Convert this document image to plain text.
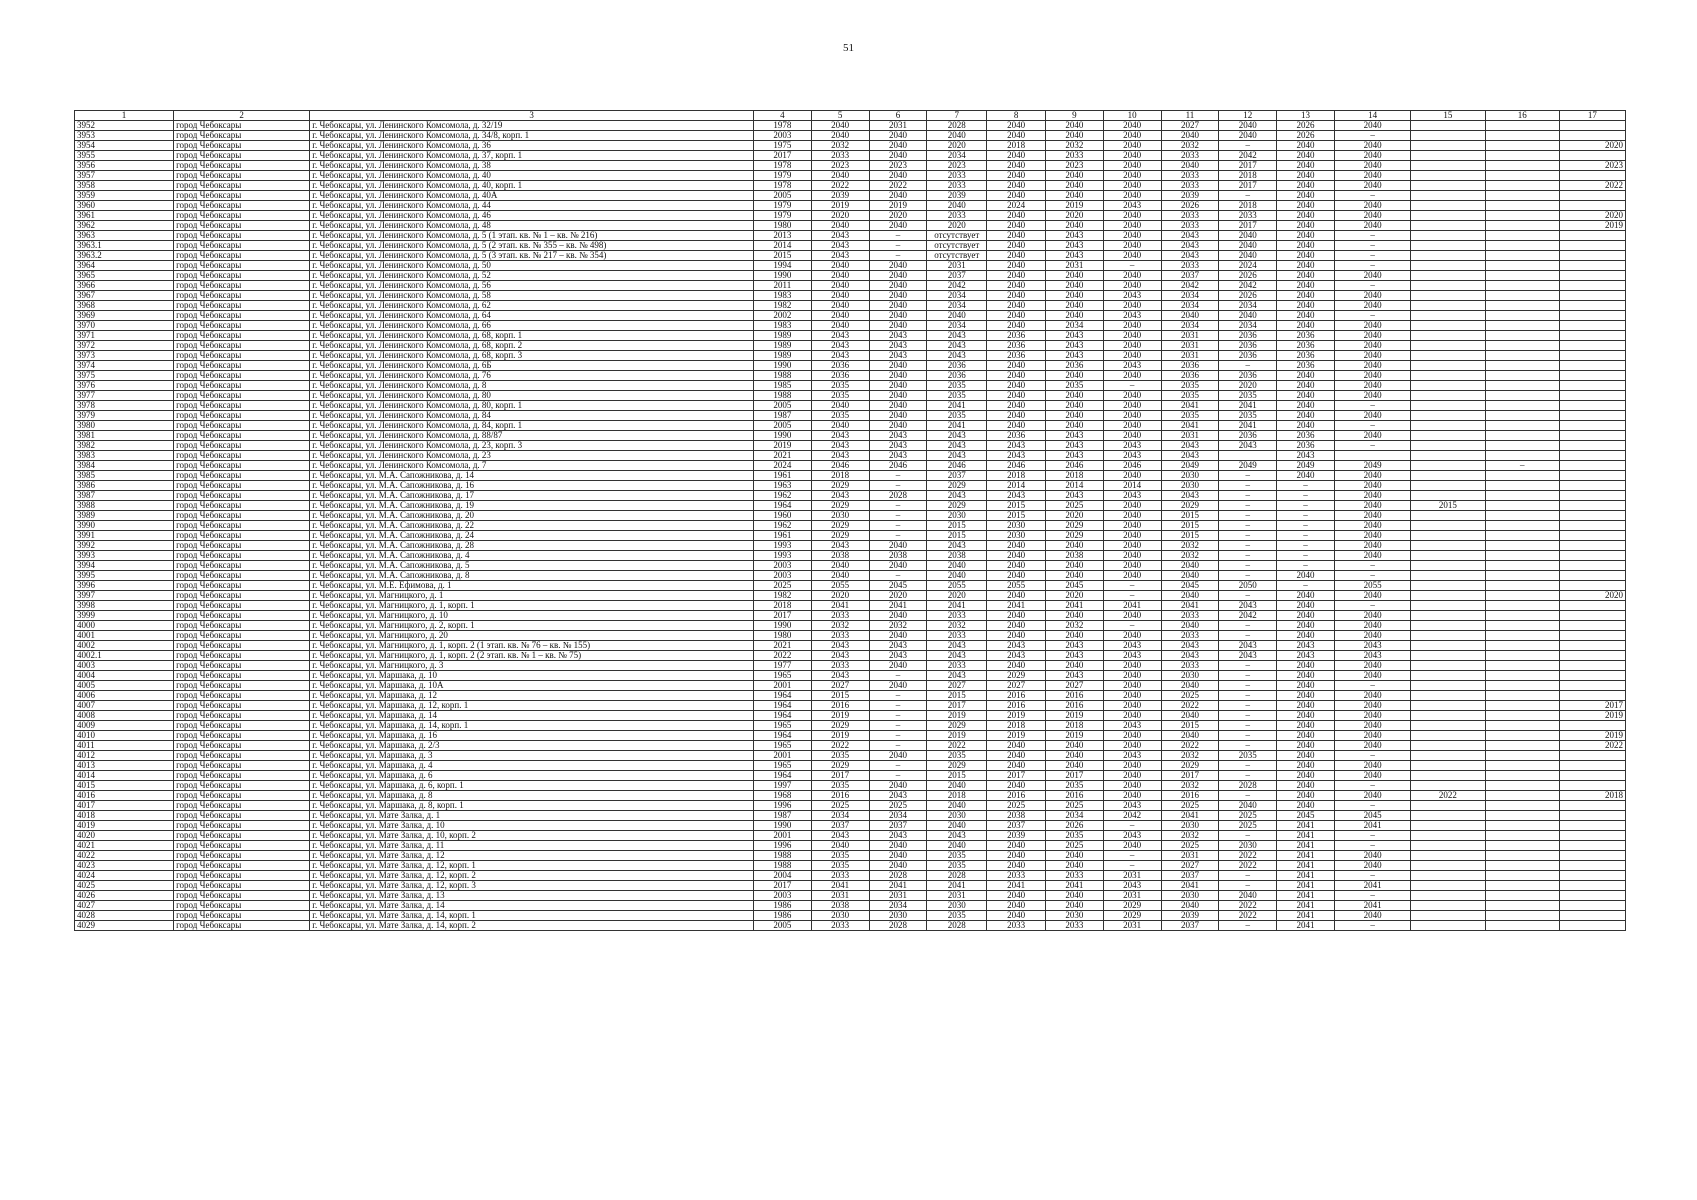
51
1	2	3	4	5	6	7	8	9	10	11	12	13	14	15	16	17
3952	город Чебоксары	г. Чебоксары, ул. Ленинского Комсомола, д. 32/19	1978	2040	2031	2028	2040	2040	2040	2027	2040	2026	2040			
3953	город Чебоксары	г. Чебоксары, ул. Ленинского Комсомола, д. 34/8, корп. 1	2003	2040	2040	2040	2040	2040	2040	2040	2040	2026	–			
3954	город Чебоксары	г. Чебоксары, ул. Ленинского Комсомола, д. 36	1975	2032	2040	2020	2018	2032	2040	2032	–	2040	2040			2020
3955	город Чебоксары	г. Чебоксары, ул. Ленинского Комсомола, д. 37, корп. 1	2017	2033	2040	2034	2040	2033	2040	2033	2042	2040	2040			
3956	город Чебоксары	г. Чебоксары, ул. Ленинского Комсомола, д. 38	1978	2023	2023	2023	2040	2023	2040	2040	2017	2040	2040			2023
3957	город Чебоксары	г. Чебоксары, ул. Ленинского Комсомола, д. 40	1979	2040	2040	2033	2040	2040	2040	2033	2018	2040	2040			
3958	город Чебоксары	г. Чебоксары, ул. Ленинского Комсомола, д. 40, корп. 1	1978	2022	2022	2033	2040	2040	2040	2033	2017	2040	2040			2022
3959	город Чебоксары	г. Чебоксары, ул. Ленинского Комсомола, д. 40А	2005	2039	2040	2039	2040	2040	2040	2039	–	2040	–			
3960	город Чебоксары	г. Чебоксары, ул. Ленинского Комсомола, д. 44	1979	2019	2019	2040	2024	2019	2043	2026	2018	2040	2040			
3961	город Чебоксары	г. Чебоксары, ул. Ленинского Комсомола, д. 46	1979	2020	2020	2033	2040	2020	2040	2033	2033	2040	2040			2020
3962	город Чебоксары	г. Чебоксары, ул. Ленинского Комсомола, д. 48	1980	2040	2040	2020	2040	2040	2040	2033	2017	2040	2040			2019
3963	город Чебоксары	г. Чебоксары, ул. Ленинского Комсомола, д. 5 (1 этап. кв. № 1 – кв. № 216)	2013	2043	–	отсутствует	2040	2043	2040	2043	2040	2040	–			
3963.1	город Чебоксары	г. Чебоксары, ул. Ленинского Комсомола, д. 5 (2 этап. кв. № 355 – кв. № 498)	2014	2043	–	отсутствует	2040	2043	2040	2043	2040	2040	–			
3963.2	город Чебоксары	г. Чебоксары, ул. Ленинского Комсомола, д. 5 (3 этап. кв. № 217 – кв. № 354)	2015	2043	–	отсутствует	2040	2043	2040	2043	2040	2040	–			
3964	город Чебоксары	г. Чебоксары, ул. Ленинского Комсомола, д. 50	1994	2040	2040	2031	2040	2031	–	2033	2024	2040	–			
3965	город Чебоксары	г. Чебоксары, ул. Ленинского Комсомола, д. 52	1990	2040	2040	2037	2040	2040	2040	2037	2026	2040	2040			
3966	город Чебоксары	г. Чебоксары, ул. Ленинского Комсомола, д. 56	2011	2040	2040	2042	2040	2040	2040	2042	2042	2040	–			
3967	город Чебоксары	г. Чебоксары, ул. Ленинского Комсомола, д. 58	1983	2040	2040	2034	2040	2040	2043	2034	2026	2040	2040			
3968	город Чебоксары	г. Чебоксары, ул. Ленинского Комсомола, д. 62	1982	2040	2040	2034	2040	2040	2040	2034	2034	2040	2040			
3969	город Чебоксары	г. Чебоксары, ул. Ленинского Комсомола, д. 64	2002	2040	2040	2040	2040	2040	2043	2040	2040	2040	–			
3970	город Чебоксары	г. Чебоксары, ул. Ленинского Комсомола, д. 66	1983	2040	2040	2034	2040	2034	2040	2034	2034	2040	2040			
3971	город Чебоксары	г. Чебоксары, ул. Ленинского Комсомола, д. 68, корп. 1	1989	2043	2043	2043	2036	2043	2040	2031	2036	2036	2040			
3972	город Чебоксары	г. Чебоксары, ул. Ленинского Комсомола, д. 68, корп. 2	1989	2043	2043	2043	2036	2043	2040	2031	2036	2036	2040			
3973	город Чебоксары	г. Чебоксары, ул. Ленинского Комсомола, д. 68, корп. 3	1989	2043	2043	2043	2036	2043	2040	2031	2036	2036	2040			
3974	город Чебоксары	г. Чебоксары, ул. Ленинского Комсомола, д. 6Б	1990	2036	2040	2036	2040	2036	2043	2036	–	2036	2040			
3975	город Чебоксары	г. Чебоксары, ул. Ленинского Комсомола, д. 76	1988	2036	2040	2036	2040	2040	2040	2036	2036	2040	2040			
3976	город Чебоксары	г. Чебоксары, ул. Ленинского Комсомола, д. 8	1985	2035	2040	2035	2040	2035	–	2035	2020	2040	2040			
3977	город Чебоксары	г. Чебоксары, ул. Ленинского Комсомола, д. 80	1988	2035	2040	2035	2040	2040	2040	2035	2035	2040	2040			
3978	город Чебоксары	г. Чебоксары, ул. Ленинского Комсомола, д. 80, корп. 1	2005	2040	2040	2041	2040	2040	2040	2041	2041	2040	–			
3979	город Чебоксары	г. Чебоксары, ул. Ленинского Комсомола, д. 84	1987	2035	2040	2035	2040	2040	2040	2035	2035	2040	2040			
3980	город Чебоксары	г. Чебоксары, ул. Ленинского Комсомола, д. 84, корп. 1	2005	2040	2040	2041	2040	2040	2040	2041	2041	2040	–			
3981	город Чебоксары	г. Чебоксары, ул. Ленинского Комсомола, д. 88/87	1990	2043	2043	2043	2036	2043	2040	2031	2036	2036	2040			
3982	город Чебоксары	г. Чебоксары, ул. Ленинского Комсомола, д. 23, корп. 3	2019	2043	2043	2043	2043	2043	2043	2043	2043	2036	–			
3983	город Чебоксары	г. Чебоксары, ул. Ленинского Комсомола, д. 23	2021	2043	2043	2043	2043	2043	2043	2043		2043				
3984	город Чебоксары	г. Чебоксары, ул. Ленинского Комсомола, д. 7	2024	2046	2046	2046	2046	2046	2046	2049	2049	2049	2049		–	
3985	город Чебоксары	г. Чебоксары, ул. М.А. Сапожникова, д. 14	1961	2018	–	2037	2018	2018	2040	2030	–	2040	2040			
3986	город Чебоксары	г. Чебоксары, ул. М.А. Сапожникова, д. 16	1963	2029	–	2029	2014	2014	2014	2030	–	–	2040			
3987	город Чебоксары	г. Чебоксары, ул. М.А. Сапожникова, д. 17	1962	2043	2028	2043	2043	2043	2043	2043	–	–	2040			
3988	город Чебоксары	г. Чебоксары, ул. М.А. Сапожникова, д. 19	1964	2029	–	2029	2015	2025	2040	2029	–	–	2040	2015		
3989	город Чебоксары	г. Чебоксары, ул. М.А. Сапожникова, д. 20	1960	2030	–	2030	2015	2020	2040	2015	–	–	2040			
3990	город Чебоксары	г. Чебоксары, ул. М.А. Сапожникова, д. 22	1962	2029	–	2015	2030	2029	2040	2015	–	–	2040			
3991	город Чебоксары	г. Чебоксары, ул. М.А. Сапожникова, д. 24	1961	2029	–	2015	2030	2029	2040	2015	–	–	2040			
3992	город Чебоксары	г. Чебоксары, ул. М.А. Сапожникова, д. 28	1993	2043	2040	2043	2040	2040	2040	2032	–	–	2040			
3993	город Чебоксары	г. Чебоксары, ул. М.А. Сапожникова, д. 4	1993	2038	2038	2038	2040	2038	2040	2032	–	–	2040			
3994	город Чебоксары	г. Чебоксары, ул. М.А. Сапожникова, д. 5	2003	2040	2040	2040	2040	2040	2040	2040	–	–	–			
3995	город Чебоксары	г. Чебоксары, ул. М.А. Сапожникова, д. 8	2003	2040	–	2040	2040	2040	2040	2040	–	2040	–			
3996	город Чебоксары	г. Чебоксары, ул. М.Е. Ефимова, д. 1	2025	2055	2045	2055	2055	2045	–	2045	2050	–	2055			
3997	город Чебоксары	г. Чебоксары, ул. Магницкого, д. 1	1982	2020	2020	2020	2040	2020	–	2040	–	2040	2040			2020
3998	город Чебоксары	г. Чебоксары, ул. Магницкого, д. 1, корп. 1	2018	2041	2041	2041	2041	2041	2041	2041	2043	2040	–			
3999	город Чебоксары	г. Чебоксары, ул. Магницкого, д. 10	2017	2033	2040	2033	2040	2040	2040	2033	2042	2040	2040			
4000	город Чебоксары	г. Чебоксары, ул. Магницкого, д. 2, корп. 1	1990	2032	2032	2032	2040	2032	–	2040	–	2040	2040			
4001	город Чебоксары	г. Чебоксары, ул. Магницкого, д. 20	1980	2033	2040	2033	2040	2040	2040	2033	–	2040	2040			
4002	город Чебоксары	г. Чебоксары, ул. Магницкого, д. 1, корп. 2 (1 этап. кв. № 76 – кв. № 155)	2021	2043	2043	2043	2043	2043	2043	2043	2043	2043	2043			
4002.1	город Чебоксары	г. Чебоксары, ул. Магницкого, д. 1, корп. 2 (2 этап. кв. № 1 – кв. № 75)	2022	2043	2043	2043	2043	2043	2043	2043	2043	2043	2043			
4003	город Чебоксары	г. Чебоксары, ул. Магницкого, д. 3	1977	2033	2040	2033	2040	2040	2040	2033	–	2040	2040			
4004	город Чебоксары	г. Чебоксары, ул. Маршака, д. 10	1965	2043	–	2043	2029	2043	2040	2030	–	2040	2040			
4005	город Чебоксары	г. Чебоксары, ул. Маршака, д. 10А	2001	2027	2040	2027	2027	2027	2040	2040	–	2040	–			
4006	город Чебоксары	г. Чебоксары, ул. Маршака, д. 12	1964	2015	–	2015	2016	2016	2040	2025	–	2040	2040			
4007	город Чебоксары	г. Чебоксары, ул. Маршака, д. 12, корп. 1	1964	2016	–	2017	2016	2016	2040	2022	–	2040	2040			2017
4008	город Чебоксары	г. Чебоксары, ул. Маршака, д. 14	1964	2019	–	2019	2019	2019	2040	2040	–	2040	2040			2019
4009	город Чебоксары	г. Чебоксары, ул. Маршака, д. 14, корп. 1	1965	2029	–	2029	2018	2018	2043	2015	–	2040	2040			
4010	город Чебоксары	г. Чебоксары, ул. Маршака, д. 16	1964	2019	–	2019	2019	2019	2040	2040	–	2040	2040			2019
4011	город Чебоксары	г. Чебоксары, ул. Маршака, д. 2/3	1965	2022	–	2022	2040	2040	2040	2022	–	2040	2040			2022
4012	город Чебоксары	г. Чебоксары, ул. Маршака, д. 3	2001	2035	2040	2035	2040	2040	2043	2032	2035	2040	–			
4013	город Чебоксары	г. Чебоксары, ул. Маршака, д. 4	1965	2029	–	2029	2040	2040	2040	2029	–	2040	2040			
4014	город Чебоксары	г. Чебоксары, ул. Маршака, д. 6	1964	2017	–	2015	2017	2017	2040	2017	–	2040	2040			
4015	город Чебоксары	г. Чебоксары, ул. Маршака, д. 6, корп. 1	1997	2035	2040	2040	2040	2035	2040	2032	2028	2040	–			
4016	город Чебоксары	г. Чебоксары, ул. Маршака, д. 8	1968	2016	2043	2018	2016	2016	2040	2016	–	2040	2040	2022		2018
4017	город Чебоксары	г. Чебоксары, ул. Маршака, д. 8, корп. 1	1996	2025	2025	2040	2025	2025	2043	2025	2040	2040	–			
4018	город Чебоксары	г. Чебоксары, ул. Мате Залка, д. 1	1987	2034	2034	2030	2038	2034	2042	2041	2025	2045	2045			
4019	город Чебоксары	г. Чебоксары, ул. Мате Залка, д. 10	1990	2037	2037	2040	2037	2026	–	2030	2025	2041	2041			
4020	город Чебоксары	г. Чебоксары, ул. Мате Залка, д. 10, корп. 2	2001	2043	2043	2043	2039	2035	2043	2032	–	2041	–			
4021	город Чебоксары	г. Чебоксары, ул. Мате Залка, д. 11	1996	2040	2040	2040	2040	2025	2040	2025	2030	2041	–			
4022	город Чебоксары	г. Чебоксары, ул. Мате Залка, д. 12	1988	2035	2040	2035	2040	2040	–	2031	2022	2041	2040			
4023	город Чебоксары	г. Чебоксары, ул. Мате Залка, д. 12, корп. 1	1988	2035	2040	2035	2040	2040	–	2027	2022	2041	2040			
4024	город Чебоксары	г. Чебоксары, ул. Мате Залка, д. 12, корп. 2	2004	2033	2028	2028	2033	2033	2031	2037	–	2041	–			
4025	город Чебоксары	г. Чебоксары, ул. Мате Залка, д. 12, корп. 3	2017	2041	2041	2041	2041	2041	2043	2041	–	2041	2041			
4026	город Чебоксары	г. Чебоксары, ул. Мате Залка, д. 13	2003	2031	2031	2031	2040	2040	2031	2030	2040	2041	–			
4027	город Чебоксары	г. Чебоксары, ул. Мате Залка, д. 14	1986	2038	2034	2030	2040	2040	2029	2040	2022	2041	2041			
4028	город Чебоксары	г. Чебоксары, ул. Мате Залка, д. 14, корп. 1	1986	2030	2030	2035	2040	2030	2029	2039	2022	2041	2040			
4029	город Чебоксары	г. Чебоксары, ул. Мате Залка, д. 14, корп. 2	2005	2033	2028	2028	2033	2033	2031	2037	–	2041	–			
